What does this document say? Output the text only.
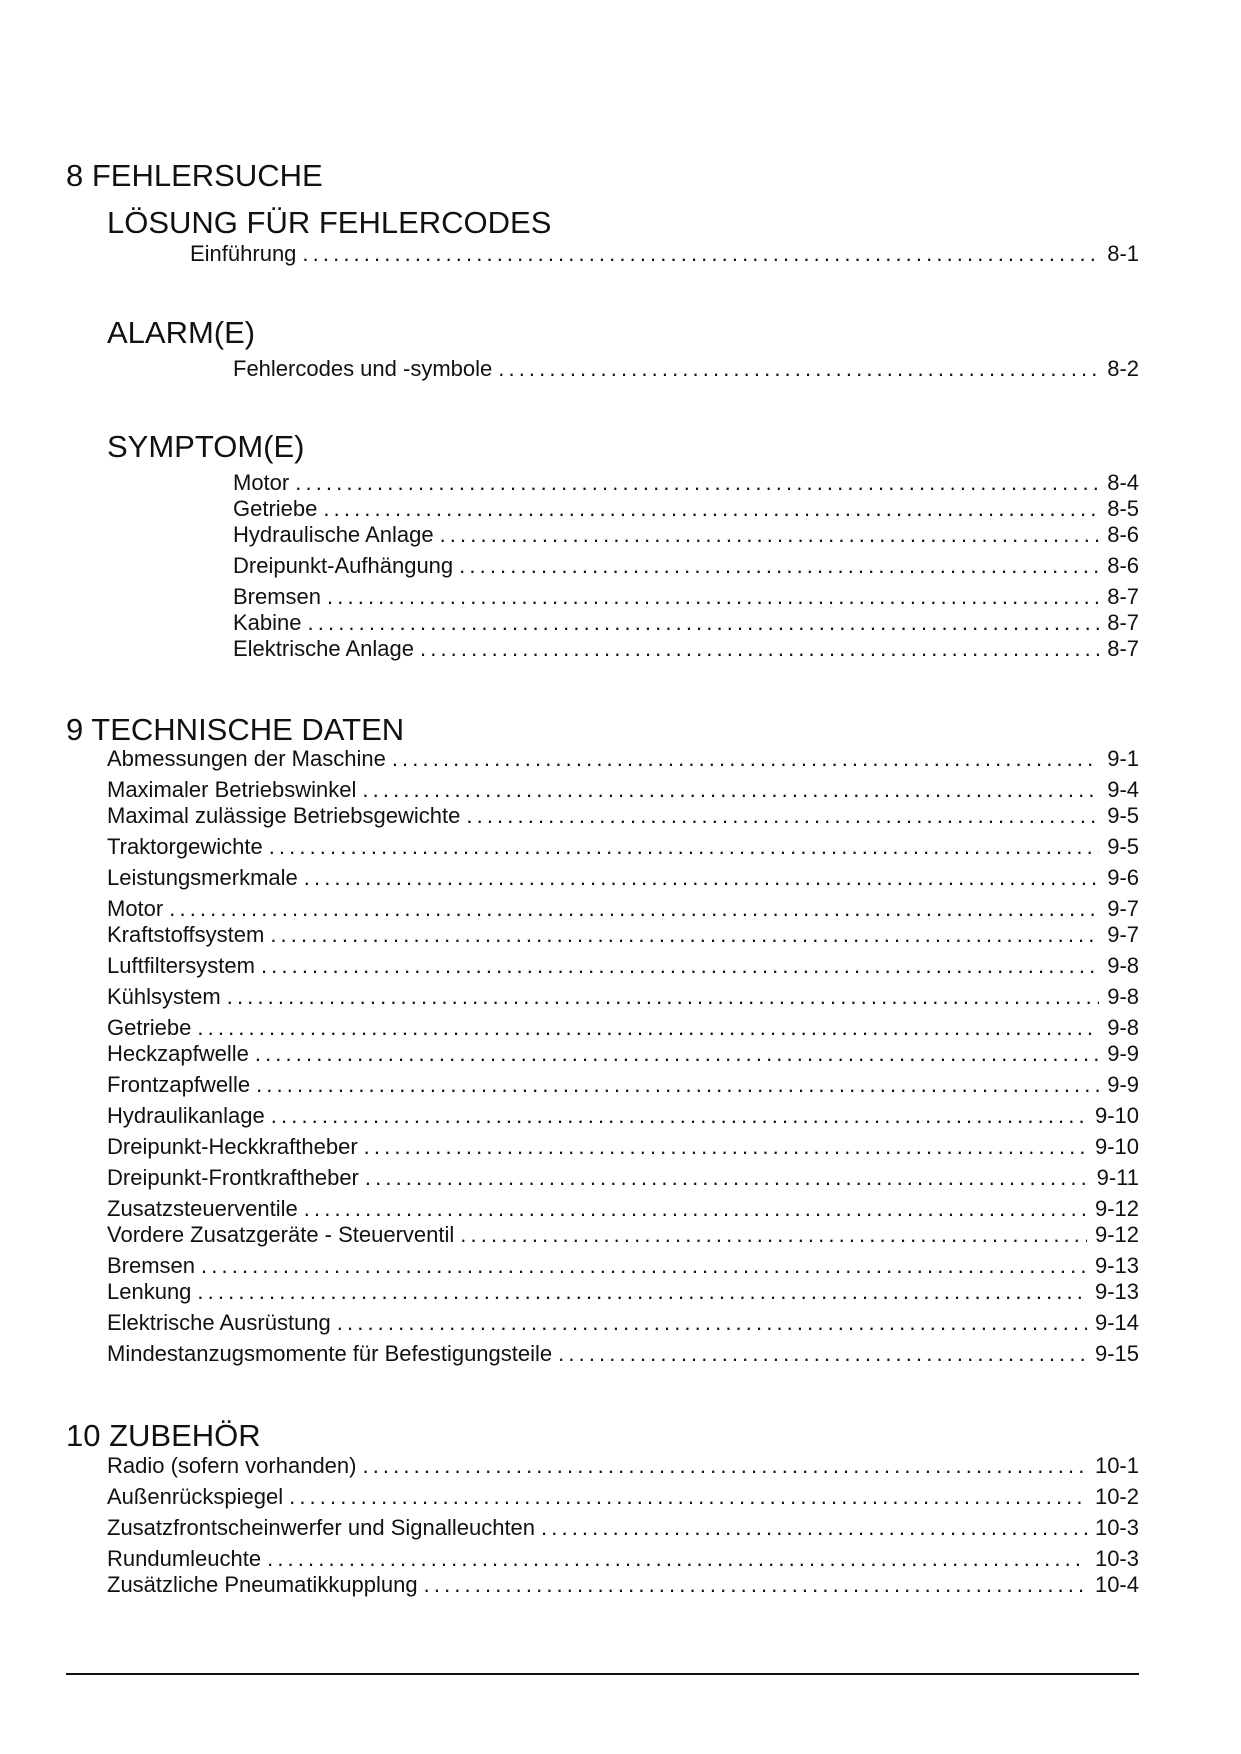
8 FEHLERSUCHE
LÖSUNG FÜR FEHLERCODES
Einführung . . .	8-1
ALARM(E)
Fehlercodes und -symbole . . .	8-2
SYMPTOM(E)
Motor . . .	8-4
Getriebe . . .	8-5
Hydraulische Anlage . . .	8-6
Dreipunkt-Aufhängung . . .	8-6
Bremsen . . .	8-7
Kabine . . .	8-7
Elektrische Anlage . . .	8-7
9 TECHNISCHE DATEN
Abmessungen der Maschine . . .	9-1
Maximaler Betriebswinkel . . .	9-4
Maximal zulässige Betriebsgewichte . . .	9-5
Traktorgewichte . . .	9-5
Leistungsmerkmale . . .	9-6
Motor . . .	9-7
Kraftstoffsystem . . .	9-7
Luftfiltersystem . . .	9-8
Kühlsystem . . .	9-8
Getriebe . . .	9-8
Heckzapfwelle . . .	9-9
Frontzapfwelle . . .	9-9
Hydraulikanlage . . .	9-10
Dreipunkt-Heckkraftheber . . .	9-10
Dreipunkt-Frontkraftheber . . .	9-11
Zusatzsteuerventile . . .	9-12
Vordere Zusatzgeräte - Steuerventil . . .	9-12
Bremsen . . .	9-13
Lenkung . . .	9-13
Elektrische Ausrüstung . . .	9-14
Mindestanzugsmomente für Befestigungsteile . . .	9-15
10 ZUBEHÖR
Radio (sofern vorhanden) . . .	10-1
Außenrückspiegel . . .	10-2
Zusatzfrontscheinwerfer und Signalleuchten . . .	10-3
Rundumleuchte . . .	10-3
Zusätzliche Pneumatikkupplung . . .	10-4
